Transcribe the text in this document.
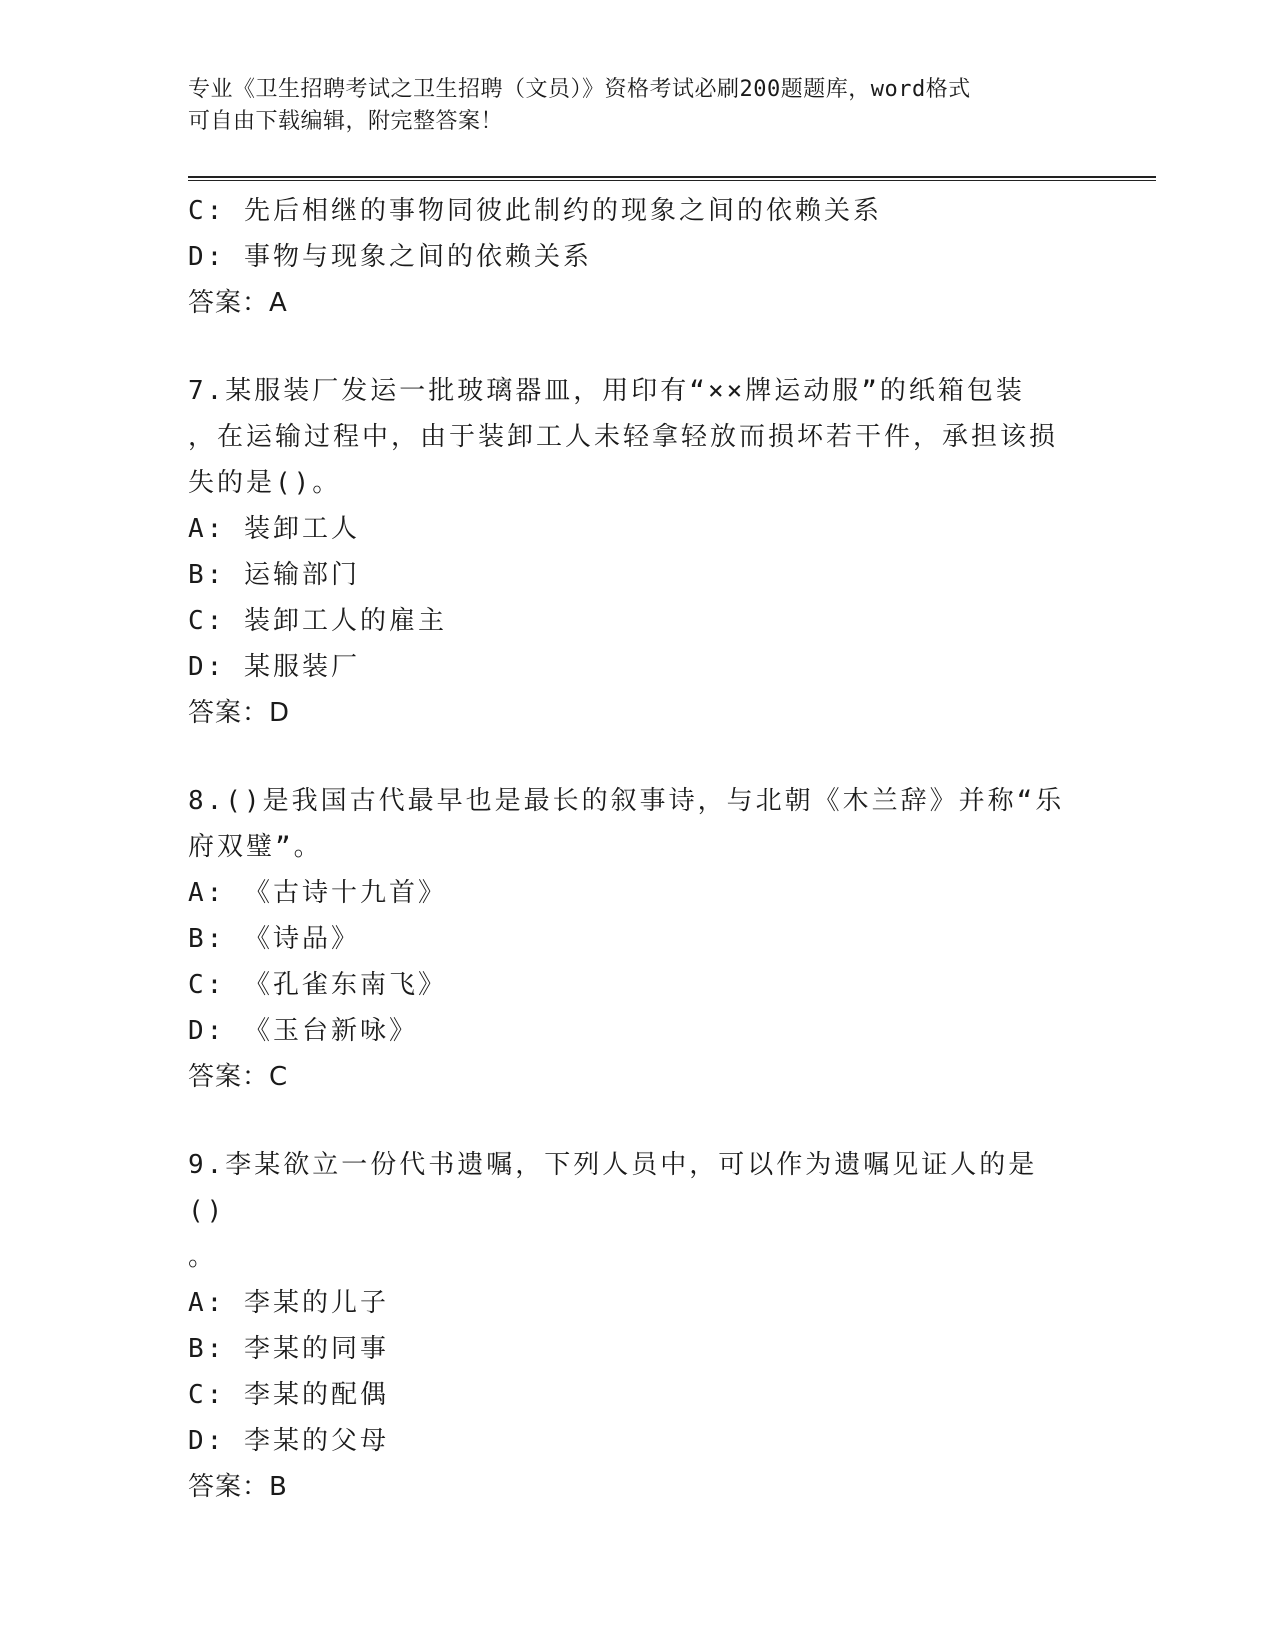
专业《卫生招聘考试之卫生招聘（文员）》资格考试必刷200题题库，word格式
可自由下载编辑，附完整答案！
C: 先后相继的事物同彼此制约的现象之间的依赖关系
D: 事物与现象之间的依赖关系
答案：A
7.某服装厂发运一批玻璃器皿，用印有“××牌运动服”的纸箱包装
，在运输过程中，由于装卸工人未轻拿轻放而损坏若干件，承担该损
失的是()。
A: 装卸工人
B: 运输部门
C: 装卸工人的雇主
D: 某服装厂
答案：D
8.()是我国古代最早也是最长的叙事诗，与北朝《木兰辞》并称“乐
府双璧”。
A: 《古诗十九首》
B: 《诗品》
C: 《孔雀东南飞》
D: 《玉台新咏》
答案：C
9.李某欲立一份代书遗嘱，下列人员中，可以作为遗嘱见证人的是()
。
A: 李某的儿子
B: 李某的同事
C: 李某的配偶
D: 李某的父母
答案：B
